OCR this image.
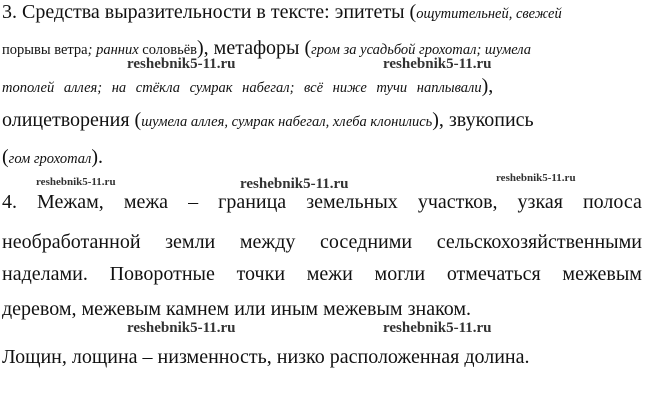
3. Средства выразительности в тексте: эпитеты (ощутительней, свежей
порывы ветра; ранних соловьёв), метафоры (гром за усадьбой грохотал; шумела
тополей аллея; на стёкла сумрак набегал; всё ниже тучи наплывали),
олицетворения (шумела аллея, сумрак набегал, хлеба клонились), звукопись
(гом грохотал).
4. Межам, межа – граница земельных участков, узкая полоса
необработанной земли между соседними сельскохозяйственными
наделами. Поворотные точки межи могли отмечаться межевым
деревом, межевым камнем или иным межевым знаком.
Лощин, лощина – низменность, низко расположенная долина.
reshebnik5-11.ru	reshebnik5-11.ru
reshebnik5-11.ru	reshebnik5-11.ru	reshebnik5-11.ru
reshebnik5-11.ru	reshebnik5-11.ru
